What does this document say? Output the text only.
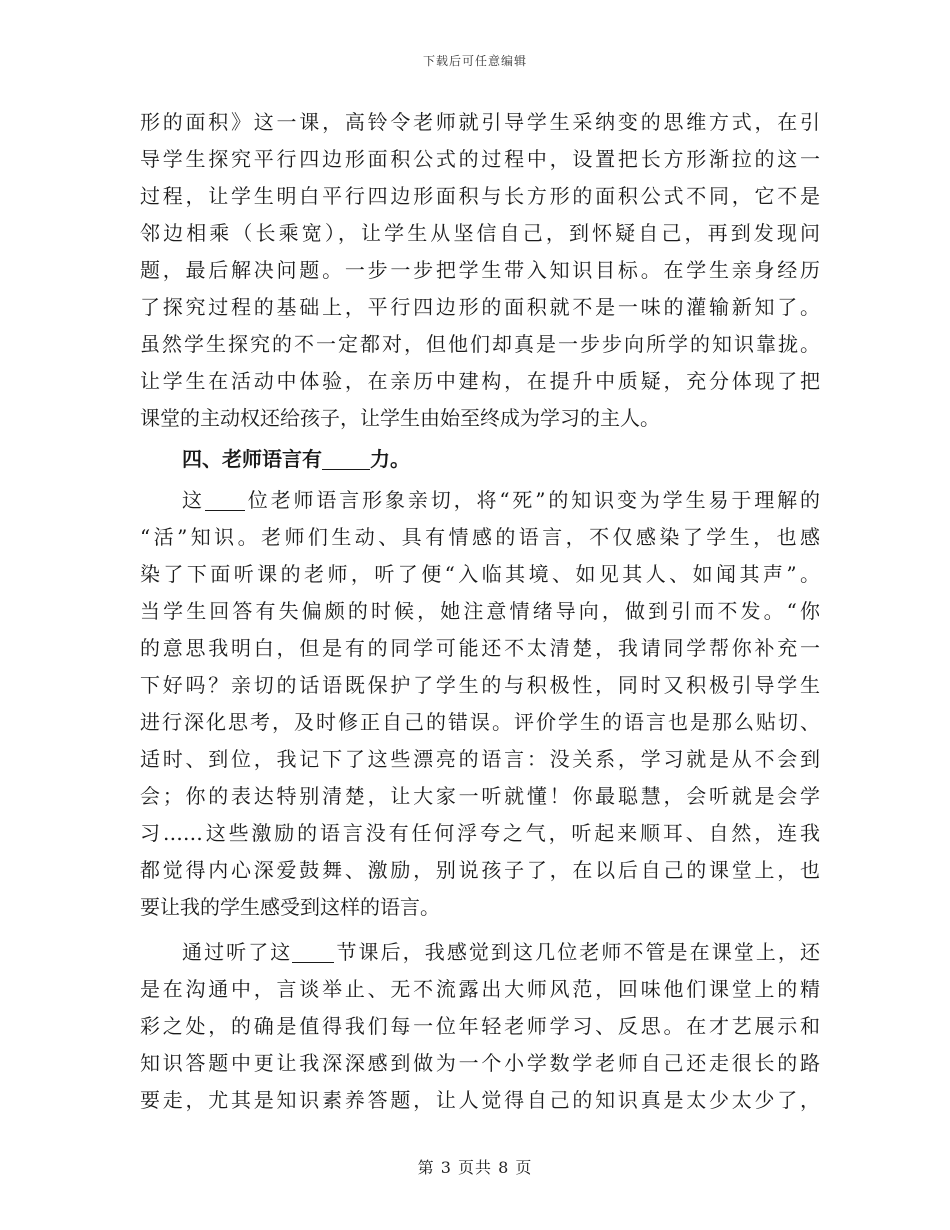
下载后可任意编辑
形的面积》这一课，高铃令老师就引导学生采纳变的思维方式，在引
导学生探究平行四边形面积公式的过程中，设置把长方形渐拉的这一
过程，让学生明白平行四边形面积与长方形的面积公式不同，它不是
邻边相乘（长乘宽），让学生从坚信自己，到怀疑自己，再到发现问
题，最后解决问题。一步一步把学生带入知识目标。在学生亲身经历
了探究过程的基础上，平行四边形的面积就不是一味的灌输新知了。
虽然学生探究的不一定都对，但他们却真是一步步向所学的知识靠拢。
让学生在活动中体验，在亲历中建构，在提升中质疑，充分体现了把
课堂的主动权还给孩子，让学生由始至终成为学习的主人。
四、老师语言有 力。
这 位老师语言形象亲切，将“死”的知识变为学生易于理解的
“活”知识。老师们生动、具有情感的语言，不仅感染了学生，也感
染了下面听课的老师，听了便“入临其境、如见其人、如闻其声”。
当学生回答有失偏颇的时候，她注意情绪导向，做到引而不发。“你
的意思我明白，但是有的同学可能还不太清楚，我请同学帮你补充一
下好吗？亲切的话语既保护了学生的与积极性，同时又积极引导学生
进行深化思考，及时修正自己的错误。评价学生的语言也是那么贴切、
适时、到位，我记下了这些漂亮的语言：没关系，学习就是从不会到
会；你的表达特别清楚，让大家一听就懂！你最聪慧，会听就是会学
习……这些激励的语言没有任何浮夸之气，听起来顺耳、自然，连我
都觉得内心深爱鼓舞、激励，别说孩子了，在以后自己的课堂上，也
要让我的学生感受到这样的语言。
通过听了这 节课后，我感觉到这几位老师不管是在课堂上，还
是在沟通中，言谈举止、无不流露出大师风范，回味他们课堂上的精
彩之处，的确是值得我们每一位年轻老师学习、反思。在才艺展示和
知识答题中更让我深深感到做为一个小学数学老师自己还走很长的路
要走，尤其是知识素养答题，让人觉得自己的知识真是太少太少了，
第 3 页共 8 页
